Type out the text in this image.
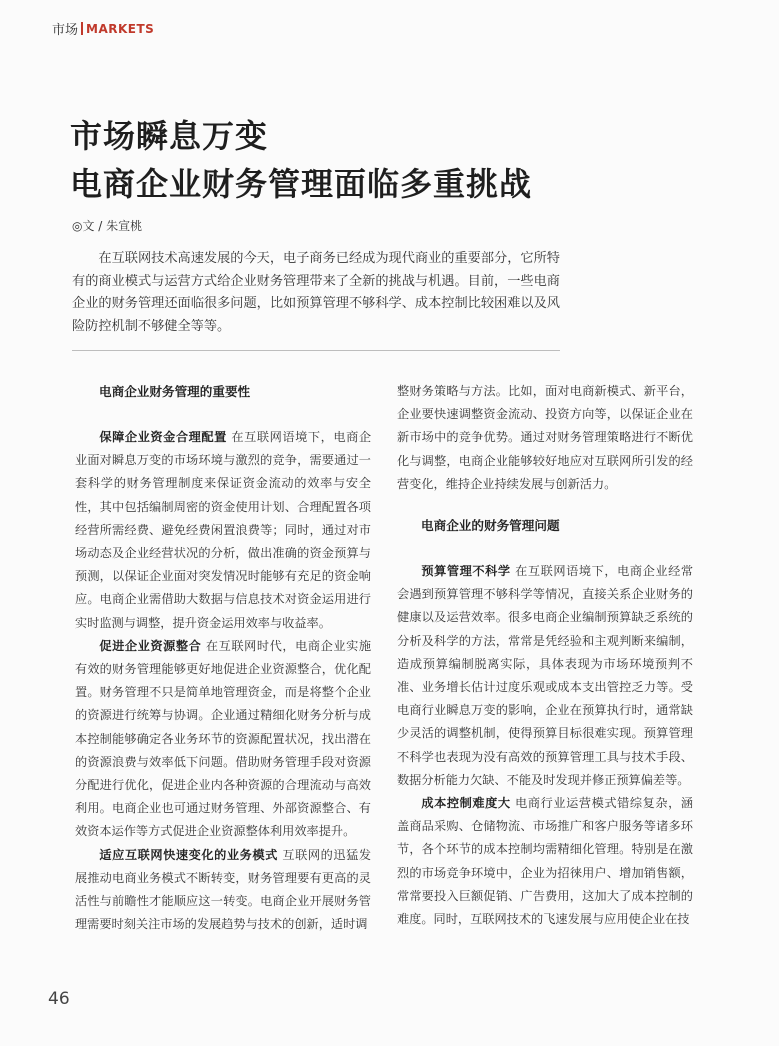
市场 MARKETS
市场瞬息万变
电商企业财务管理面临多重挑战
◎文 / 朱宣桃

在互联网技术高速发展的今天，电子商务已经成为现代商业的重要部分，它所特有的商业模式与运营方式给企业财务管理带来了全新的挑战与机遇。目前，一些电商企业的财务管理还面临很多问题，比如预算管理不够科学、成本控制比较困难以及风险防控机制不够健全等等。

电商企业财务管理的重要性

保障企业资金合理配置 在互联网语境下，电商企业面对瞬息万变的市场环境与激烈的竞争，需要通过一套科学的财务管理制度来保证资金流动的效率与安全性，其中包括编制周密的资金使用计划、合理配置各项经营所需经费、避免经费闲置浪费等；同时，通过对市场动态及企业经营状况的分析，做出准确的资金预算与预测，以保证企业面对突发情况时能够有充足的资金响应。电商企业需借助大数据与信息技术对资金运用进行实时监测与调整，提升资金运用效率与收益率。

促进企业资源整合 在互联网时代，电商企业实施有效的财务管理能够更好地促进企业资源整合，优化配置。财务管理不只是简单地管理资金，而是将整个企业的资源进行统筹与协调。企业通过精细化财务分析与成本控制能够确定各业务环节的资源配置状况，找出潜在的资源浪费与效率低下问题。借助财务管理手段对资源分配进行优化，促进企业内各种资源的合理流动与高效利用。电商企业也可通过财务管理、外部资源整合、有效资本运作等方式促进企业资源整体利用效率提升。

适应互联网快速变化的业务模式 互联网的迅猛发展推动电商业务模式不断转变，财务管理要有更高的灵活性与前瞻性才能顺应这一转变。电商企业开展财务管理需要时刻关注市场的发展趋势与技术的创新，适时调

整财务策略与方法。比如，面对电商新模式、新平台，企业要快速调整资金流动、投资方向等，以保证企业在新市场中的竞争优势。通过对财务管理策略进行不断优化与调整，电商企业能够较好地应对互联网所引发的经营变化，维持企业持续发展与创新活力。

电商企业的财务管理问题

预算管理不科学 在互联网语境下，电商企业经常会遇到预算管理不够科学等情况，直接关系企业财务的健康以及运营效率。很多电商企业编制预算缺乏系统的分析及科学的方法，常常是凭经验和主观判断来编制，造成预算编制脱离实际，具体表现为市场环境预判不准、业务增长估计过度乐观或成本支出管控乏力等。受电商行业瞬息万变的影响，企业在预算执行时，通常缺少灵活的调整机制，使得预算目标很难实现。预算管理不科学也表现为没有高效的预算管理工具与技术手段、数据分析能力欠缺、不能及时发现并修正预算偏差等。

成本控制难度大 电商行业运营模式错综复杂，涵盖商品采购、仓储物流、市场推广和客户服务等诸多环节，各个环节的成本控制均需精细化管理。特别是在激烈的市场竞争环境中，企业为招徕用户、增加销售额，常常要投入巨额促销、广告费用，这加大了成本控制的难度。同时，互联网技术的飞速发展与应用使企业在技

46
